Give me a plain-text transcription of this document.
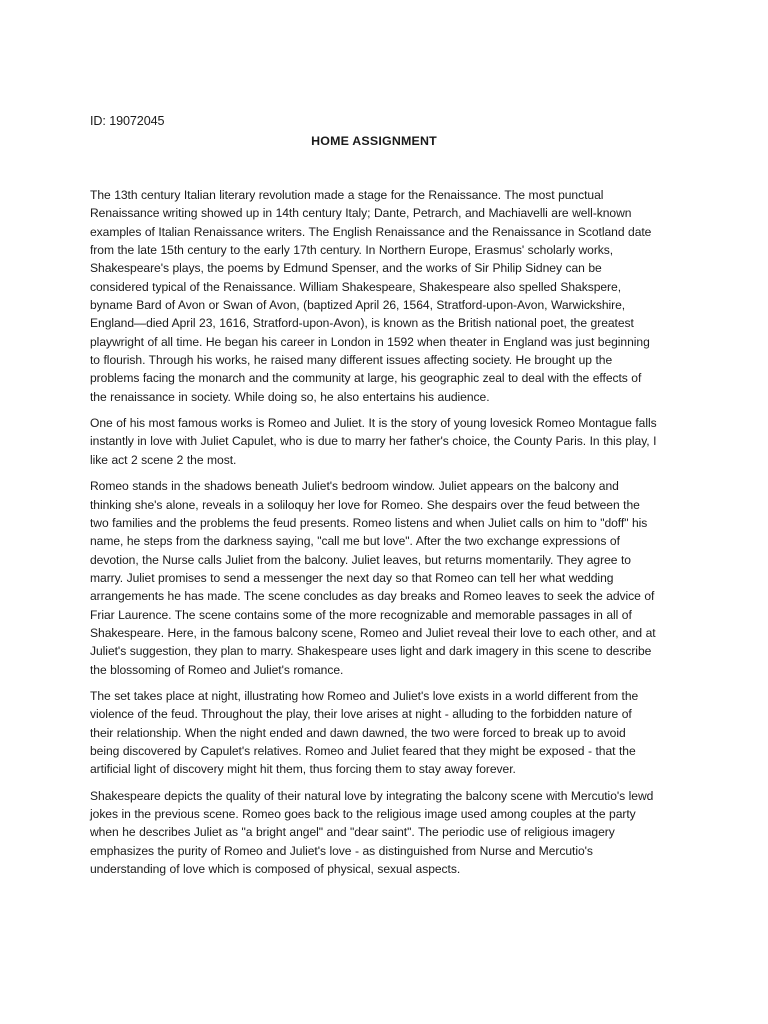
ID: 19072045

HOME ASSIGNMENT

The 13th century Italian literary revolution made a stage for the Renaissance. The most punctual Renaissance writing showed up in 14th century Italy; Dante, Petrarch, and Machiavelli are well-known examples of Italian Renaissance writers. The English Renaissance and the Renaissance in Scotland date from the late 15th century to the early 17th century. In Northern Europe, Erasmus' scholarly works, Shakespeare's plays, the poems by Edmund Spenser, and the works of Sir Philip Sidney can be considered typical of the Renaissance. William Shakespeare, Shakespeare also spelled Shakspere, byname Bard of Avon or Swan of Avon, (baptized April 26, 1564, Stratford-upon-Avon, Warwickshire, England—died April 23, 1616, Stratford-upon-Avon), is known as the British national poet, the greatest playwright of all time. He began his career in London in 1592 when theater in England was just beginning to flourish. Through his works, he raised many different issues affecting society. He brought up the problems facing the monarch and the community at large, his geographic zeal to deal with the effects of the renaissance in society. While doing so, he also entertains his audience.

One of his most famous works is Romeo and Juliet. It is the story of young lovesick Romeo Montague falls instantly in love with Juliet Capulet, who is due to marry her father's choice, the County Paris. In this play, I like act 2 scene 2 the most.

Romeo stands in the shadows beneath Juliet's bedroom window. Juliet appears on the balcony and thinking she's alone, reveals in a soliloquy her love for Romeo. She despairs over the feud between the two families and the problems the feud presents. Romeo listens and when Juliet calls on him to "doff" his name, he steps from the darkness saying, "call me but love". After the two exchange expressions of devotion, the Nurse calls Juliet from the balcony. Juliet leaves, but returns momentarily. They agree to marry. Juliet promises to send a messenger the next day so that Romeo can tell her what wedding arrangements he has made. The scene concludes as day breaks and Romeo leaves to seek the advice of Friar Laurence. The scene contains some of the more recognizable and memorable passages in all of Shakespeare. Here, in the famous balcony scene, Romeo and Juliet reveal their love to each other, and at Juliet's suggestion, they plan to marry. Shakespeare uses light and dark imagery in this scene to describe the blossoming of Romeo and Juliet's romance.

The set takes place at night, illustrating how Romeo and Juliet's love exists in a world different from the violence of the feud. Throughout the play, their love arises at night - alluding to the forbidden nature of their relationship. When the night ended and dawn dawned, the two were forced to break up to avoid being discovered by Capulet's relatives. Romeo and Juliet feared that they might be exposed - that the artificial light of discovery might hit them, thus forcing them to stay away forever.

Shakespeare depicts the quality of their natural love by integrating the balcony scene with Mercutio's lewd jokes in the previous scene. Romeo goes back to the religious image used among couples at the party when he describes Juliet as "a bright angel" and "dear saint". The periodic use of religious imagery emphasizes the purity of Romeo and Juliet's love - as distinguished from Nurse and Mercutio's understanding of love which is composed of physical, sexual aspects.
